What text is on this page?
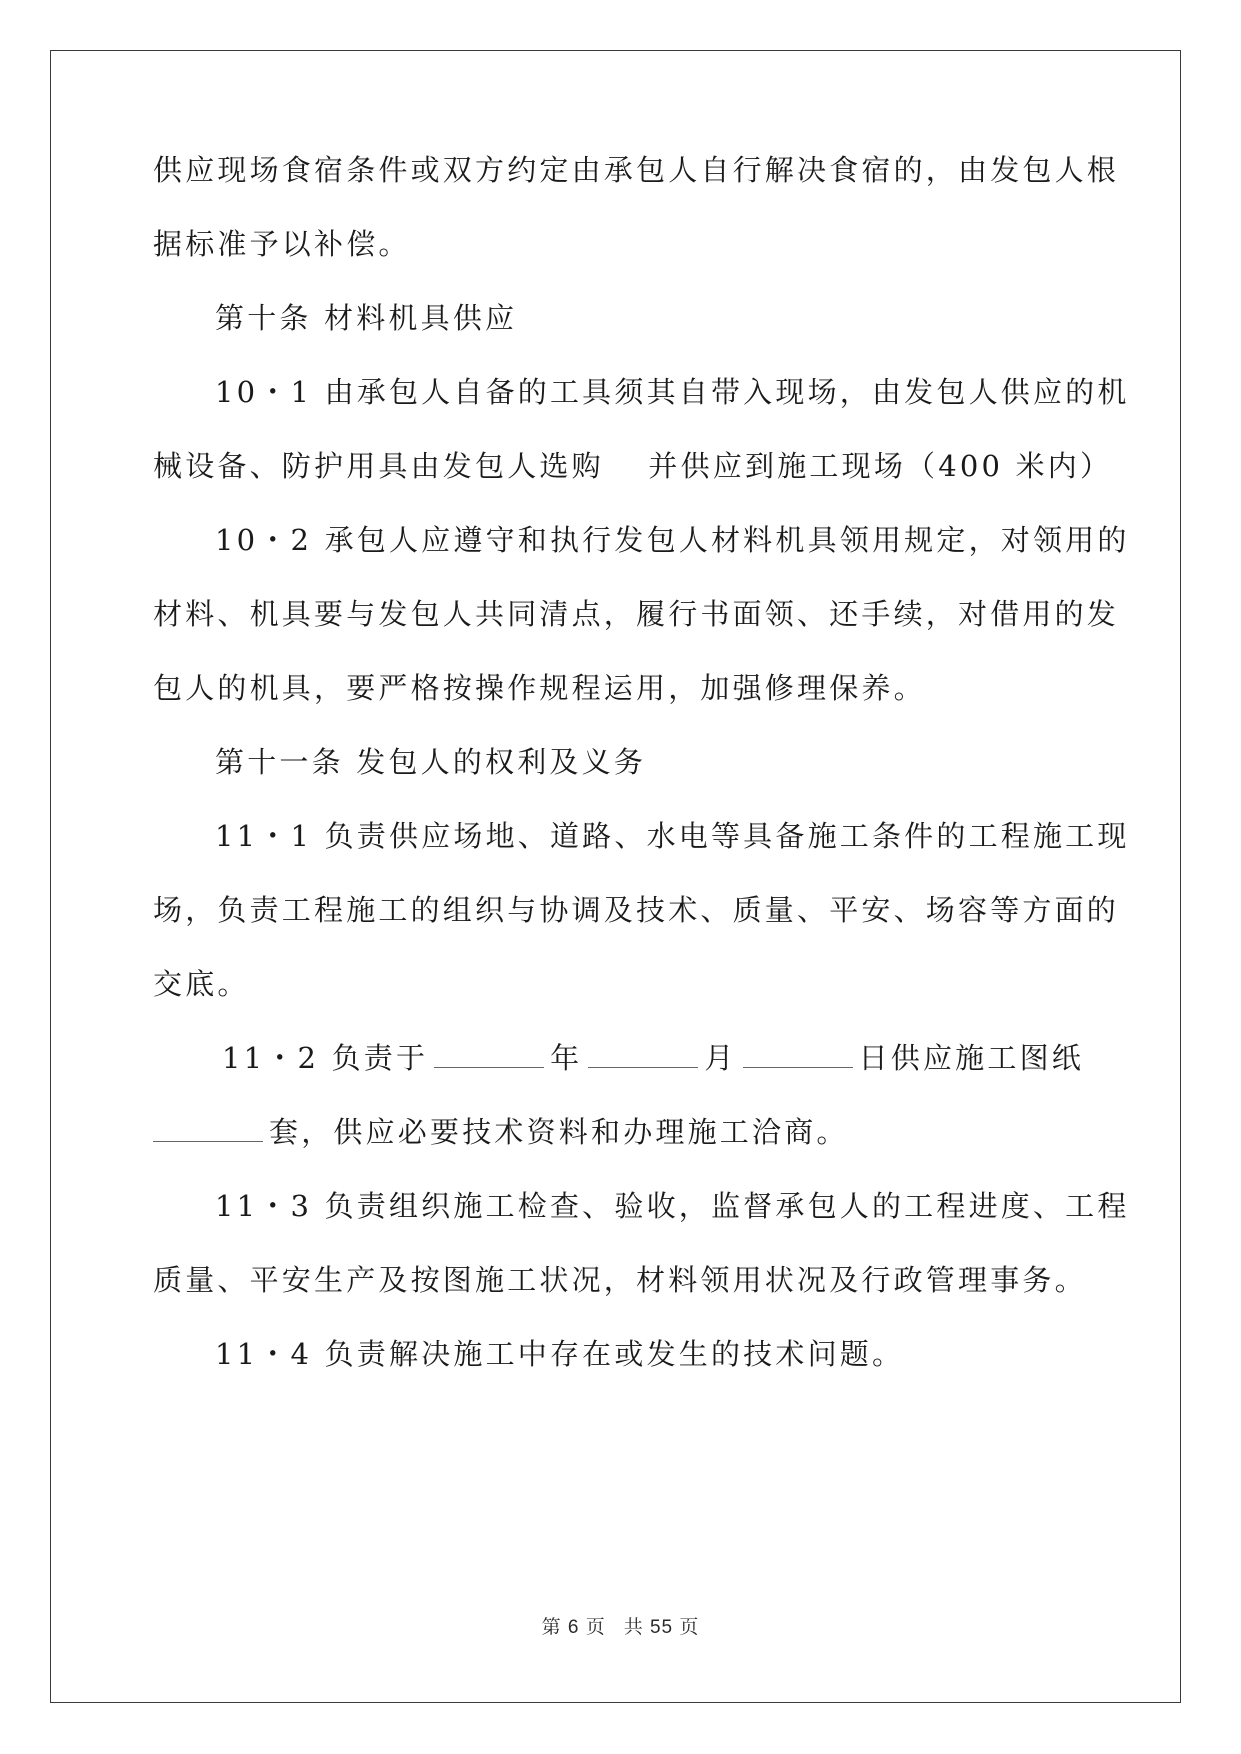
供应现场食宿条件或双方约定由承包人自行解决食宿的，由发包人根
据标准予以补偿。
第十条 材料机具供应
10・1 由承包人自备的工具须其自带入现场，由发包人供应的机
械设备、防护用具由发包人选购　 并供应到施工现场（400 米内）
10・2 承包人应遵守和执行发包人材料机具领用规定，对领用的
材料、机具要与发包人共同清点，履行书面领、还手续，对借用的发
包人的机具，要严格按操作规程运用，加强修理保养。
第十一条 发包人的权利及义务
11・1 负责供应场地、道路、水电等具备施工条件的工程施工现
场，负责工程施工的组织与协调及技术、质量、平安、场容等方面的
交底。
11・2 负责于	年	月	日供应施工图纸
套，供应必要技术资料和办理施工洽商。
11・3 负责组织施工检查、验收，监督承包人的工程进度、工程
质量、平安生产及按图施工状况，材料领用状况及行政管理事务。
11・4 负责解决施工中存在或发生的技术问题。
第 6 页 共 55 页
